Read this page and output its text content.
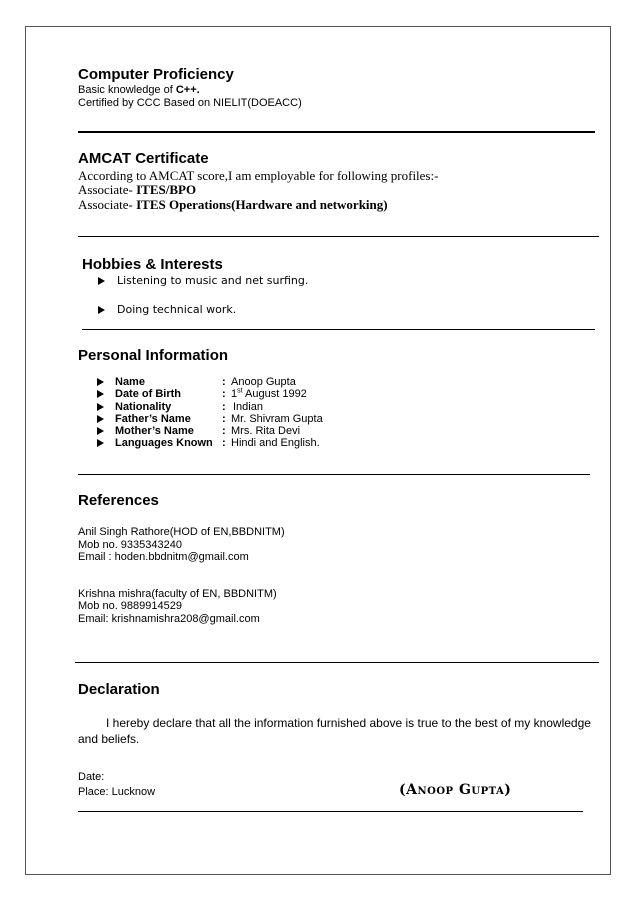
Computer Proficiency
Basic knowledge of C++.
Certified by CCC Based on NIELIT(DOEACC)
AMCAT Certificate
According to AMCAT score,I am employable for following profiles:-
Associate- ITES/BPO
Associate- ITES Operations(Hardware and networking)
Hobbies & Interests
Listening to music and net surfing.
Doing technical work.
Personal Information
Name	: Anoop Gupta
Date of Birth	: 1st August 1992
Nationality	: Indian
Father’s Name	: Mr. Shivram Gupta
Mother’s Name	: Mrs. Rita Devi
Languages Known : Hindi and English.
References
Anil Singh Rathore(HOD of EN,BBDNITM)
Mob no. 9335343240
Email : hoden.bbdnitm@gmail.com
Krishna mishra(faculty of EN, BBDNITM)
Mob no. 9889914529
Email: krishnamishra208@gmail.com
Declaration
I hereby declare that all the information furnished above is true to the best of my knowledge
and beliefs.
Date:
Place: Lucknow	(Anoop Gupta)
